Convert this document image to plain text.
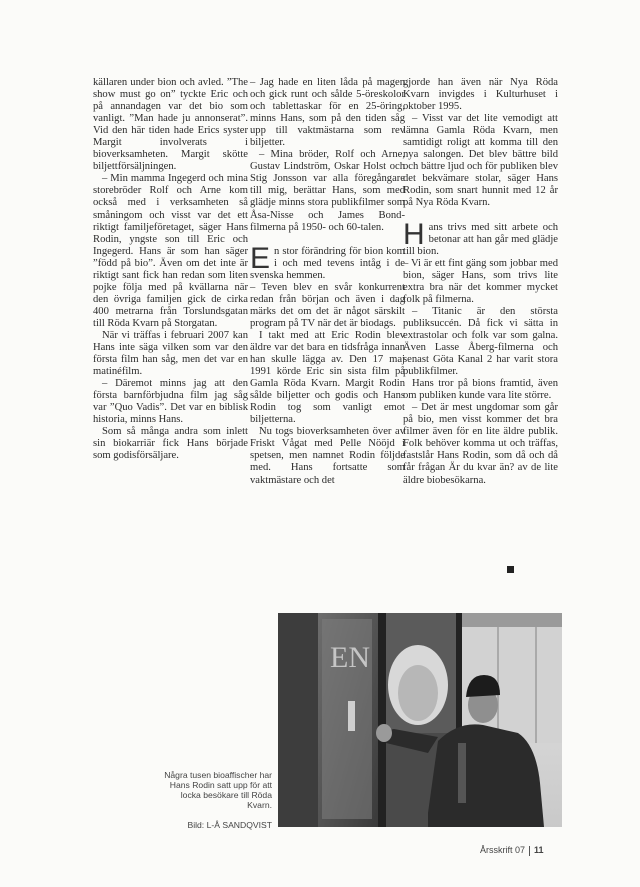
källaren under bion och avled. ”The show must go on” tyckte Eric och på annandagen var det bio som vanligt. ”Man hade ju annonserat”. Vid den här tiden hade Erics syster Margit involverats i bioverksamheten. Margit skötte biljettförsäljningen.

– Min mamma Ingegerd och mina storebröder Rolf och Arne kom också med i verksamheten så småningom och visst var det ett riktigt familjeföretaget, säger Hans Rodin, yngste son till Eric och Ingegerd. Hans är som han säger ”född på bio”. Även om det inte är riktigt sant fick han redan som liten pojke följa med på kvällarna när den övriga familjen gick de cirka 400 metrarna från Torslundsgatan till Röda Kvarn på Storgatan.

När vi träffas i februari 2007 kan Hans inte säga vilken som var den första film han såg, men det var en matinéfilm.

– Däremot minns jag att den första barnförbjudna film jag såg var ”Quo Vadis”. Det var en biblisk historia, minns Hans.

Som så många andra som inlett sin biokarriär fick Hans började som godisförsäljare.

– Jag hade en liten låda på magen och gick runt och sålde 5-öreskolor och tablettaskar för en 25-öring, minns Hans, som på den tiden såg upp till vaktmästarna som rev biljetter.

– Mina bröder, Rolf och Arne, Gustav Lindström, Oskar Holst och Stig Jonsson var alla föregångare till mig, berättar Hans, som med glädje minns stora publikfilmer som Åsa-Nisse och James Bond-filmerna på 1950- och 60-talen.

En stor förändring för bion kom i och med tevens intåg i de svenska hemmen.

– Teven blev en svår konkurrent redan från början och även i dag märks det om det är något särskilt program på TV när det är biodags.

I takt med att Eric Rodin blev äldre var det bara en tidsfråga innan han skulle lägga av. Den 17 maj 1991 körde Eric sin sista film på Gamla Röda Kvarn. Margit Rodin sålde biljetter och godis och Hans Rodin tog som vanligt emot biljetterna.

Nu togs bioverksamheten över av Friskt Vågat med Pelle Nööjd i spetsen, men namnet Rodin följde med. Hans fortsatte som vaktmästare och det

gjorde han även när Nya Röda Kvarn invigdes i Kulturhuset i oktober 1995.

– Visst var det lite vemodigt att lämna Gamla Röda Kvarn, men samtidigt roligt att komma till den nya salongen. Det blev bättre bild och bättre ljud och för publiken blev det bekvämare stolar, säger Hans Rodin, som snart hunnit med 12 år på Nya Röda Kvarn.

Hans trivs med sitt arbete och betonar att han går med glädje till bion.

– Vi är ett fint gäng som jobbar med bion, säger Hans, som trivs lite extra bra när det kommer mycket folk på filmerna.

– Titanic är den största publiksuccén. Då fick vi sätta in extrastolar och folk var som galna. Även Lasse Åberg-filmerna och senast Göta Kanal 2 har varit stora publikfilmer.

Hans tror på bions framtid, även om publiken kunde vara lite större.

– Det är mest ungdomar som går på bio, men visst kommer det bra filmer även för en lite äldre publik. Folk behöver komma ut och träffas, fastslår Hans Rodin, som då och då får frågan Är du kvar än? av de lite äldre biobesökarna.

EN
Några tusen bioaffischer har Hans Rodin satt upp för att locka besökare till Röda Kvarn.
Bild: L-Å SANDQVIST
Årsskrift 07 11
